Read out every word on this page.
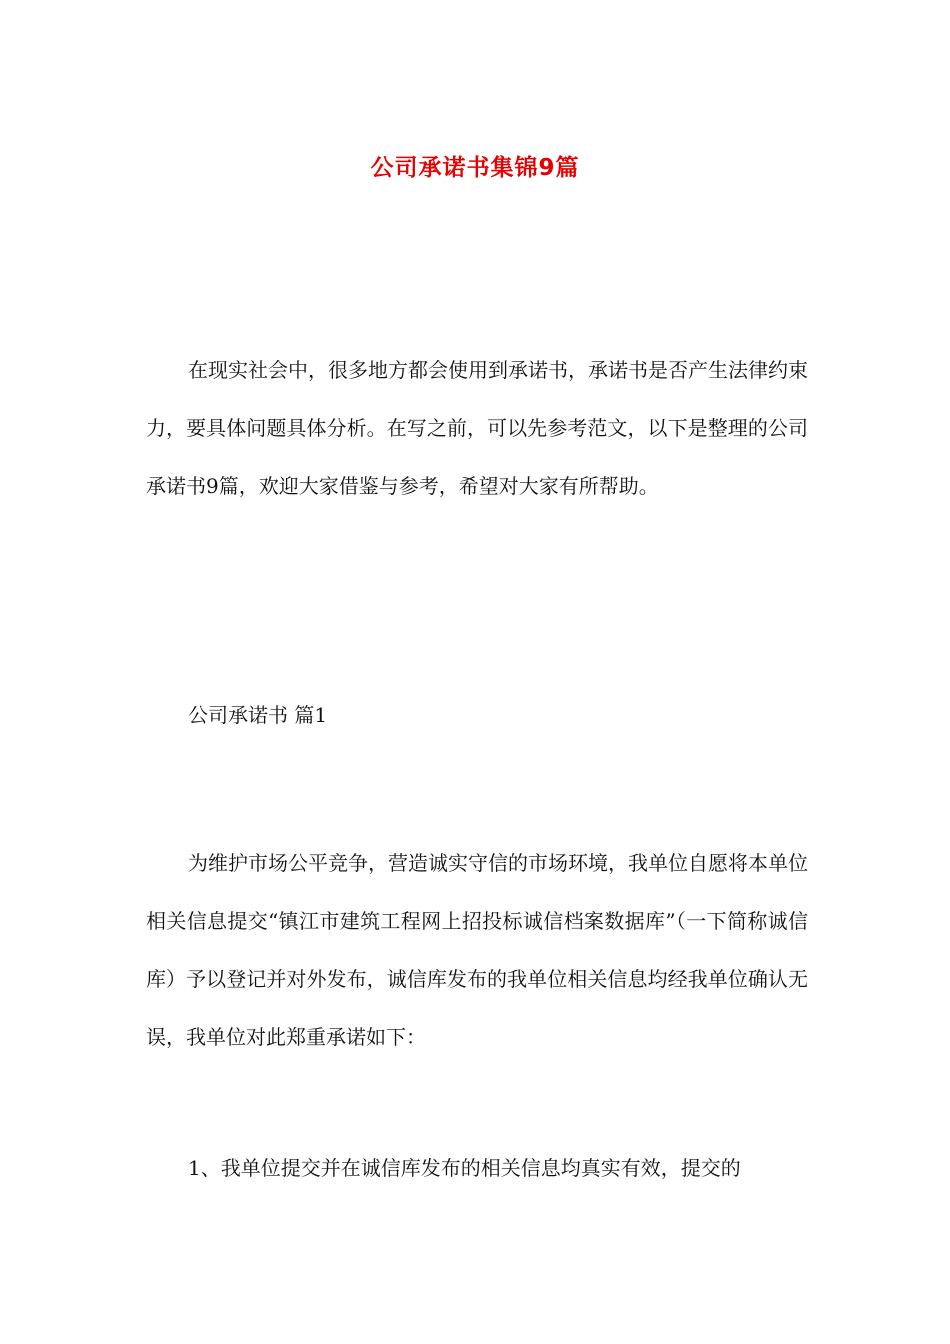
公司承诺书集锦9篇

在现实社会中，很多地方都会使用到承诺书，承诺书是否产生法律约束力，要具体问题具体分析。在写之前，可以先参考范文，以下是整理的公司承诺书9篇，欢迎大家借鉴与参考，希望对大家有所帮助。

公司承诺书 篇1

为维护市场公平竞争，营造诚实守信的市场环境，我单位自愿将本单位相关信息提交“镇江市建筑工程网上招投标诚信档案数据库”（一下简称诚信库）予以登记并对外发布，诚信库发布的我单位相关信息均经我单位确认无误，我单位对此郑重承诺如下：

1、我单位提交并在诚信库发布的相关信息均真实有效，提交的
